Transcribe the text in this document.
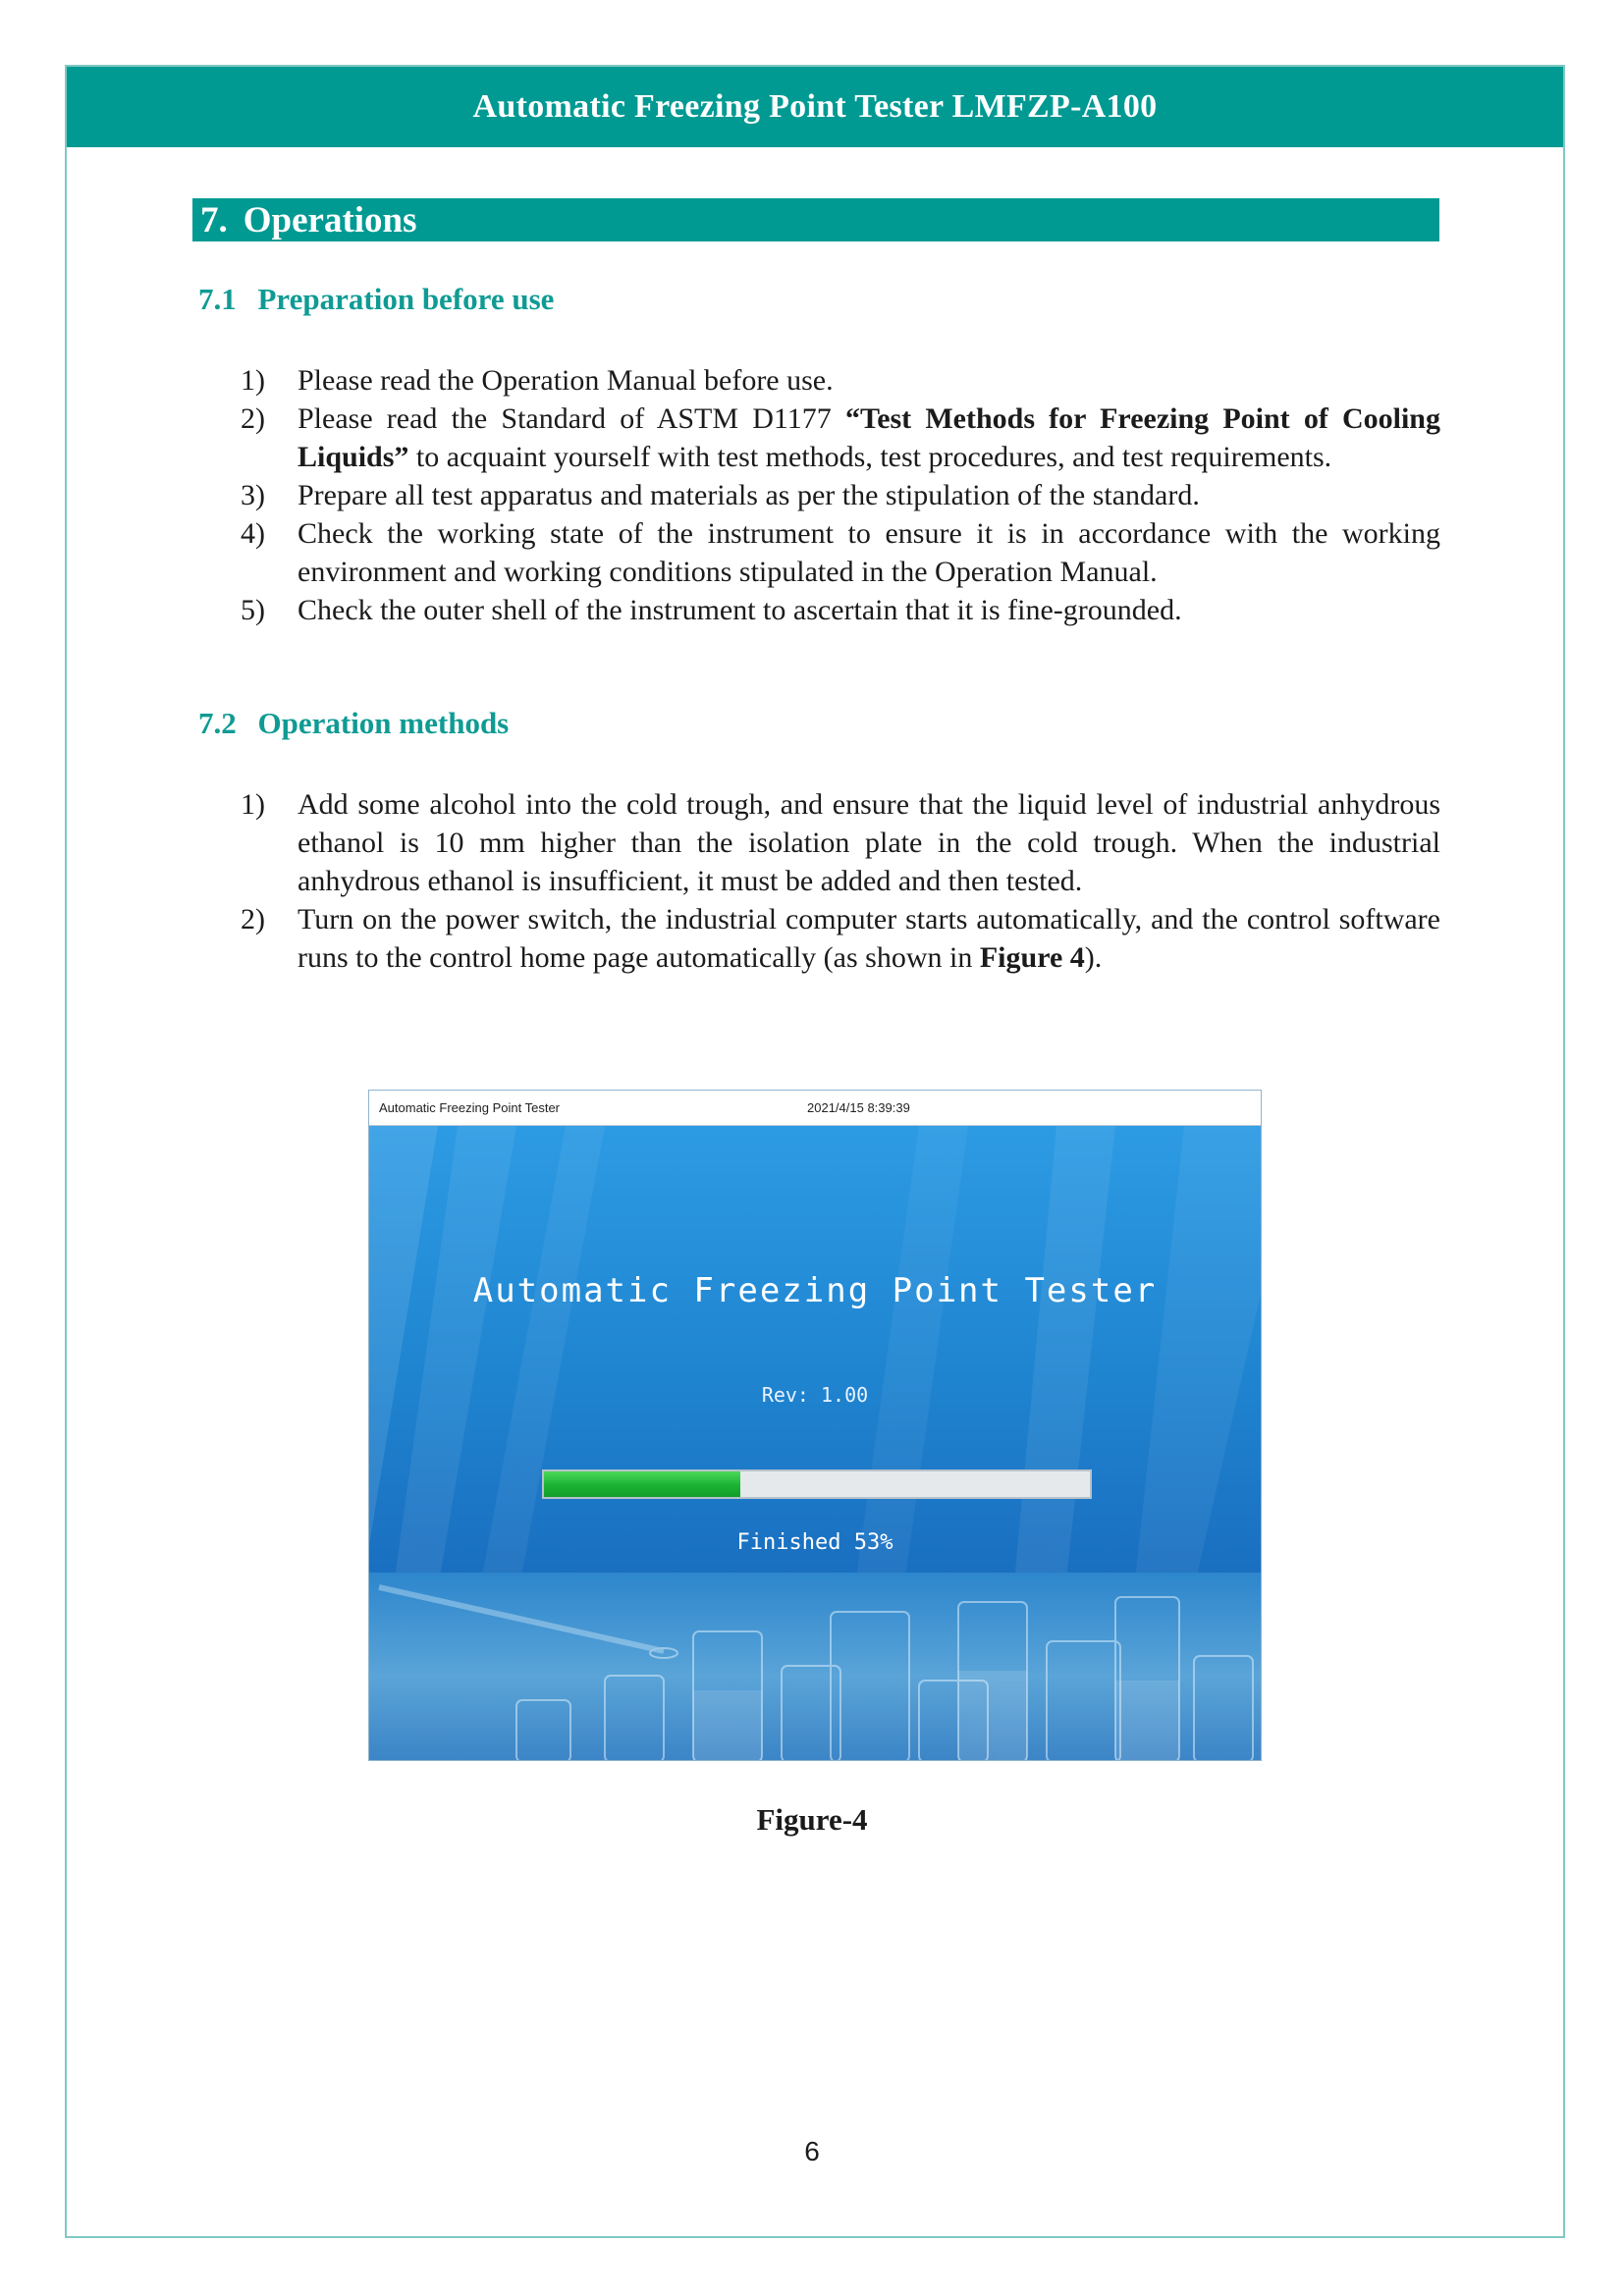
Automatic Freezing Point Tester LMFZP-A100
7. Operations
7.1 Preparation before use
1) Please read the Operation Manual before use.
2) Please read the Standard of ASTM D1177 “Test Methods for Freezing Point of Cooling Liquids” to acquaint yourself with test methods, test procedures, and test requirements.
3) Prepare all test apparatus and materials as per the stipulation of the standard.
4) Check the working state of the instrument to ensure it is in accordance with the working environment and working conditions stipulated in the Operation Manual.
5) Check the outer shell of the instrument to ascertain that it is fine-grounded.
7.2 Operation methods
1) Add some alcohol into the cold trough, and ensure that the liquid level of industrial anhydrous ethanol is 10 mm higher than the isolation plate in the cold trough. When the industrial anhydrous ethanol is insufficient, it must be added and then tested.
2) Turn on the power switch, the industrial computer starts automatically, and the control software runs to the control home page automatically (as shown in Figure 4).
Automatic Freezing Point Tester	2021/4/15 8:39:39
Automatic Freezing Point Tester
Rev: 1.00
Finished 53%
Figure-4
6
